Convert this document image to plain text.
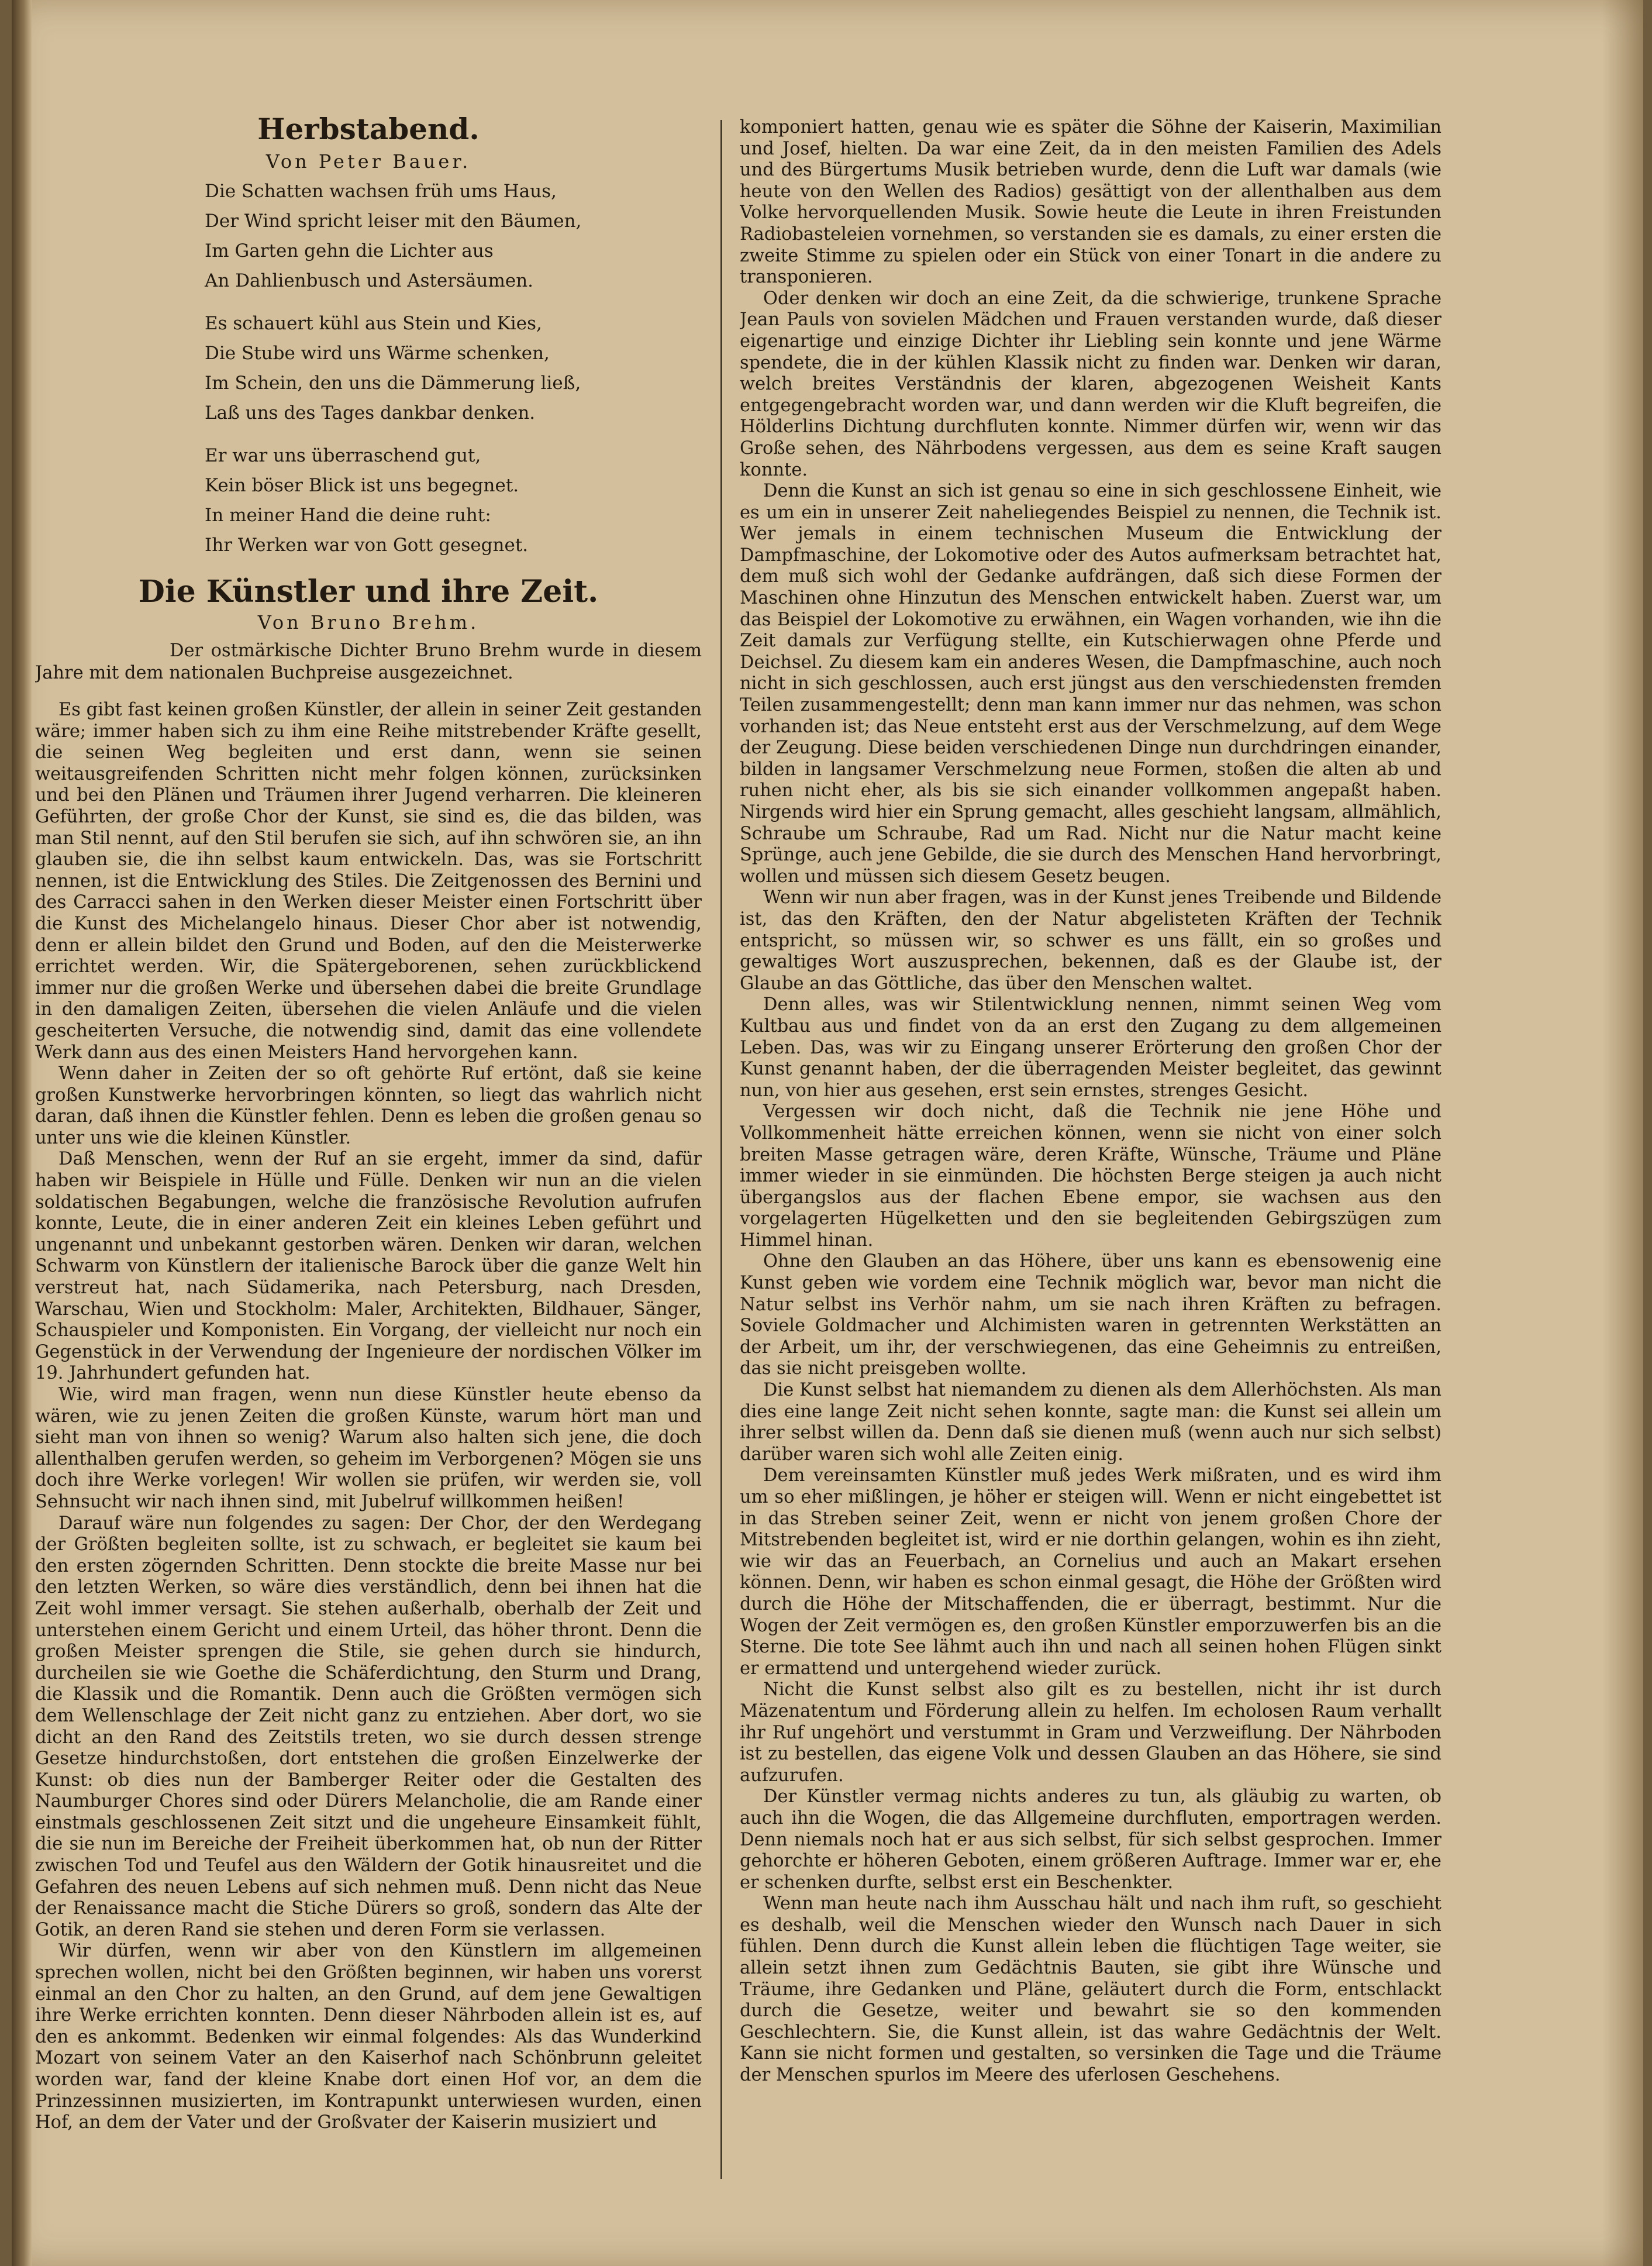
Herbstabend.
Von Peter Bauer.
Die Schatten wachsen früh ums Haus,
Der Wind spricht leiser mit den Bäumen,
Im Garten gehn die Lichter aus
An Dahlienbusch und Astersäumen.
Es schauert kühl aus Stein und Kies,
Die Stube wird uns Wärme schenken,
Im Schein, den uns die Dämmerung ließ,
Laß uns des Tages dankbar denken.
Er war uns überraschend gut,
Kein böser Blick ist uns begegnet.
In meiner Hand die deine ruht:
Ihr Werken war von Gott gesegnet.
Die Künstler und ihre Zeit.
Von Bruno Brehm.
Der ostmärkische Dichter Bruno Brehm wurde in diesem Jahre mit dem nationalen Buchpreise ausgezeichnet.

Es gibt fast keinen großen Künstler, der allein in seiner Zeit gestanden wäre; immer haben sich zu ihm eine Reihe mitstrebender Kräfte gesellt, die seinen Weg begleiten und erst dann, wenn sie seinen weitausgreifenden Schritten nicht mehr folgen können, zurücksinken und bei den Plänen und Träumen ihrer Jugend verharren. Die kleineren Geführten, der große Chor der Kunst, sie sind es, die das bilden, was man Stil nennt, auf den Stil berufen sie sich, auf ihn schwören sie, an ihn glauben sie, die ihn selbst kaum entwickeln. Das, was sie Fortschritt nennen, ist die Entwicklung des Stiles. Die Zeitgenossen des Bernini und des Carracci sahen in den Werken dieser Meister einen Fortschritt über die Kunst des Michelangelo hinaus. Dieser Chor aber ist notwendig, denn er allein bildet den Grund und Boden, auf den die Meisterwerke errichtet werden. Wir, die Spätergeborenen, sehen zurückblickend immer nur die großen Werke und übersehen dabei die breite Grundlage in den damaligen Zeiten, übersehen die vielen Anläufe und die vielen gescheiterten Versuche, die notwendig sind, damit das eine vollendete Werk dann aus des einen Meisters Hand hervorgehen kann.

Wenn daher in Zeiten der so oft gehörte Ruf ertönt, daß sie keine großen Kunstwerke hervorbringen könnten, so liegt das wahrlich nicht daran, daß ihnen die Künstler fehlen. Denn es leben die großen genau so unter uns wie die kleinen Künstler.

Daß Menschen, wenn der Ruf an sie ergeht, immer da sind, dafür haben wir Beispiele in Hülle und Fülle. Denken wir nun an die vielen soldatischen Begabungen, welche die französische Revolution aufrufen konnte, Leute, die in einer anderen Zeit ein kleines Leben geführt und ungenannt und unbekannt gestorben wären. Denken wir daran, welchen Schwarm von Künstlern der italienische Barock über die ganze Welt hin verstreut hat, nach Südamerika, nach Petersburg, nach Dresden, Warschau, Wien und Stockholm: Maler, Architekten, Bildhauer, Sänger, Schauspieler und Komponisten. Ein Vorgang, der vielleicht nur noch ein Gegenstück in der Verwendung der Ingenieure der nordischen Völker im 19. Jahrhundert gefunden hat.

Wie, wird man fragen, wenn nun diese Künstler heute ebenso da wären, wie zu jenen Zeiten die großen Künste, warum hört man und sieht man von ihnen so wenig? Warum also halten sich jene, die doch allenthalben gerufen werden, so geheim im Verborgenen? Mögen sie uns doch ihre Werke vorlegen! Wir wollen sie prüfen, wir werden sie, voll Sehnsucht wir nach ihnen sind, mit Jubelruf willkommen heißen!

Darauf wäre nun folgendes zu sagen: Der Chor, der den Werdegang der Größten begleiten sollte, ist zu schwach, er begleitet sie kaum bei den ersten zögernden Schritten. Denn stockte die breite Masse nur bei den letzten Werken, so wäre dies verständlich, denn bei ihnen hat die Zeit wohl immer versagt. Sie stehen außerhalb, oberhalb der Zeit und unterstehen einem Gericht und einem Urteil, das höher thront. Denn die großen Meister sprengen die Stile, sie gehen durch sie hindurch, durcheilen sie wie Goethe die Schäferdichtung, den Sturm und Drang, die Klassik und die Romantik. Denn auch die Größten vermögen sich dem Wellenschlage der Zeit nicht ganz zu entziehen. Aber dort, wo sie dicht an den Rand des Zeitstils treten, wo sie durch dessen strenge Gesetze hindurchstoßen, dort entstehen die großen Einzelwerke der Kunst: ob dies nun der Bamberger Reiter oder die Gestalten des Naumburger Chores sind oder Dürers Melancholie, die am Rande einer einstmals geschlossenen Zeit sitzt und die ungeheure Einsamkeit fühlt, die sie nun im Bereiche der Freiheit überkommen hat, ob nun der Ritter zwischen Tod und Teufel aus den Wäldern der Gotik hinausreitet und die Gefahren des neuen Lebens auf sich nehmen muß. Denn nicht das Neue der Renaissance macht die Stiche Dürers so groß, sondern das Alte der Gotik, an deren Rand sie stehen und deren Form sie verlassen.

Wir dürfen, wenn wir aber von den Künstlern im allgemeinen sprechen wollen, nicht bei den Größten beginnen, wir haben uns vorerst einmal an den Chor zu halten, an den Grund, auf dem jene Gewaltigen ihre Werke errichten konnten. Denn dieser Nährboden allein ist es, auf den es ankommt. Bedenken wir einmal folgendes: Als das Wunderkind Mozart von seinem Vater an den Kaiserhof nach Schönbrunn geleitet worden war, fand der kleine Knabe dort einen Hof vor, an dem die Prinzessinnen musizierten, im Kontrapunkt unterwiesen wurden, einen Hof, an dem der Vater und der Großvater der Kaiserin musiziert und

komponiert hatten, genau wie es später die Söhne der Kaiserin, Maximilian und Josef, hielten. Da war eine Zeit, da in den meisten Familien des Adels und des Bürgertums Musik betrieben wurde, denn die Luft war damals (wie heute von den Wellen des Radios) gesättigt von der allenthalben aus dem Volke hervorquellenden Musik. Sowie heute die Leute in ihren Freistunden Radiobasteleien vornehmen, so verstanden sie es damals, zu einer ersten die zweite Stimme zu spielen oder ein Stück von einer Tonart in die andere zu transponieren.

Oder denken wir doch an eine Zeit, da die schwierige, trunkene Sprache Jean Pauls von sovielen Mädchen und Frauen verstanden wurde, daß dieser eigenartige und einzige Dichter ihr Liebling sein konnte und jene Wärme spendete, die in der kühlen Klassik nicht zu finden war. Denken wir daran, welch breites Verständnis der klaren, abgezogenen Weisheit Kants entgegengebracht worden war, und dann werden wir die Kluft begreifen, die Hölderlins Dichtung durchfluten konnte. Nimmer dürfen wir, wenn wir das Große sehen, des Nährbodens vergessen, aus dem es seine Kraft saugen konnte.

Denn die Kunst an sich ist genau so eine in sich geschlossene Einheit, wie es um ein in unserer Zeit naheliegendes Beispiel zu nennen, die Technik ist. Wer jemals in einem technischen Museum die Entwicklung der Dampfmaschine, der Lokomotive oder des Autos aufmerksam betrachtet hat, dem muß sich wohl der Gedanke aufdrängen, daß sich diese Formen der Maschinen ohne Hinzutun des Menschen entwickelt haben. Zuerst war, um das Beispiel der Lokomotive zu erwähnen, ein Wagen vorhanden, wie ihn die Zeit damals zur Verfügung stellte, ein Kutschierwagen ohne Pferde und Deichsel. Zu diesem kam ein anderes Wesen, die Dampfmaschine, auch noch nicht in sich geschlossen, auch erst jüngst aus den verschiedensten fremden Teilen zusammengestellt; denn man kann immer nur das nehmen, was schon vorhanden ist; das Neue entsteht erst aus der Verschmelzung, auf dem Wege der Zeugung. Diese beiden verschiedenen Dinge nun durchdringen einander, bilden in langsamer Verschmelzung neue Formen, stoßen die alten ab und ruhen nicht eher, als bis sie sich einander vollkommen angepaßt haben. Nirgends wird hier ein Sprung gemacht, alles geschieht langsam, allmählich, Schraube um Schraube, Rad um Rad. Nicht nur die Natur macht keine Sprünge, auch jene Gebilde, die sie durch des Menschen Hand hervorbringt, wollen und müssen sich diesem Gesetz beugen.

Wenn wir nun aber fragen, was in der Kunst jenes Treibende und Bildende ist, das den Kräften, den der Natur abgelisteten Kräften der Technik entspricht, so müssen wir, so schwer es uns fällt, ein so großes und gewaltiges Wort auszusprechen, bekennen, daß es der Glaube ist, der Glaube an das Göttliche, das über den Menschen waltet.

Denn alles, was wir Stilentwicklung nennen, nimmt seinen Weg vom Kultbau aus und findet von da an erst den Zugang zu dem allgemeinen Leben. Das, was wir zu Eingang unserer Erörterung den großen Chor der Kunst genannt haben, der die überragenden Meister begleitet, das gewinnt nun, von hier aus gesehen, erst sein ernstes, strenges Gesicht.

Vergessen wir doch nicht, daß die Technik nie jene Höhe und Vollkommenheit hätte erreichen können, wenn sie nicht von einer solch breiten Masse getragen wäre, deren Kräfte, Wünsche, Träume und Pläne immer wieder in sie einmünden. Die höchsten Berge steigen ja auch nicht übergangslos aus der flachen Ebene empor, sie wachsen aus den vorgelagerten Hügelketten und den sie begleitenden Gebirgszügen zum Himmel hinan.

Ohne den Glauben an das Höhere, über uns kann es ebensowenig eine Kunst geben wie vordem eine Technik möglich war, bevor man nicht die Natur selbst ins Verhör nahm, um sie nach ihren Kräften zu befragen. Soviele Goldmacher und Alchimisten waren in getrennten Werkstätten an der Arbeit, um ihr, der verschwiegenen, das eine Geheimnis zu entreißen, das sie nicht preisgeben wollte.

Die Kunst selbst hat niemandem zu dienen als dem Allerhöchsten. Als man dies eine lange Zeit nicht sehen konnte, sagte man: die Kunst sei allein um ihrer selbst willen da. Denn daß sie dienen muß (wenn auch nur sich selbst) darüber waren sich wohl alle Zeiten einig.

Dem vereinsamten Künstler muß jedes Werk mißraten, und es wird ihm um so eher mißlingen, je höher er steigen will. Wenn er nicht eingebettet ist in das Streben seiner Zeit, wenn er nicht von jenem großen Chore der Mitstrebenden begleitet ist, wird er nie dorthin gelangen, wohin es ihn zieht, wie wir das an Feuerbach, an Cornelius und auch an Makart ersehen können. Denn, wir haben es schon einmal gesagt, die Höhe der Größten wird durch die Höhe der Mitschaffenden, die er überragt, bestimmt. Nur die Wogen der Zeit vermögen es, den großen Künstler emporzuwerfen bis an die Sterne. Die tote See lähmt auch ihn und nach all seinen hohen Flügen sinkt er ermattend und untergehend wieder zurück.

Nicht die Kunst selbst also gilt es zu bestellen, nicht ihr ist durch Mäzenatentum und Förderung allein zu helfen. Im echolosen Raum verhallt ihr Ruf ungehört und verstummt in Gram und Verzweiflung. Der Nährboden ist zu bestellen, das eigene Volk und dessen Glauben an das Höhere, sie sind aufzurufen.

Der Künstler vermag nichts anderes zu tun, als gläubig zu warten, ob auch ihn die Wogen, die das Allgemeine durchfluten, emportragen werden. Denn niemals noch hat er aus sich selbst, für sich selbst gesprochen. Immer gehorchte er höheren Geboten, einem größeren Auftrage. Immer war er, ehe er schenken durfte, selbst erst ein Beschenkter.

Wenn man heute nach ihm Ausschau hält und nach ihm ruft, so geschieht es deshalb, weil die Menschen wieder den Wunsch nach Dauer in sich fühlen. Denn durch die Kunst allein leben die flüchtigen Tage weiter, sie allein setzt ihnen zum Gedächtnis Bauten, sie gibt ihre Wünsche und Träume, ihre Gedanken und Pläne, geläutert durch die Form, entschlackt durch die Gesetze, weiter und bewahrt sie so den kommenden Geschlechtern. Sie, die Kunst allein, ist das wahre Gedächtnis der Welt. Kann sie nicht formen und gestalten, so versinken die Tage und die Träume der Menschen spurlos im Meere des uferlosen Geschehens.
